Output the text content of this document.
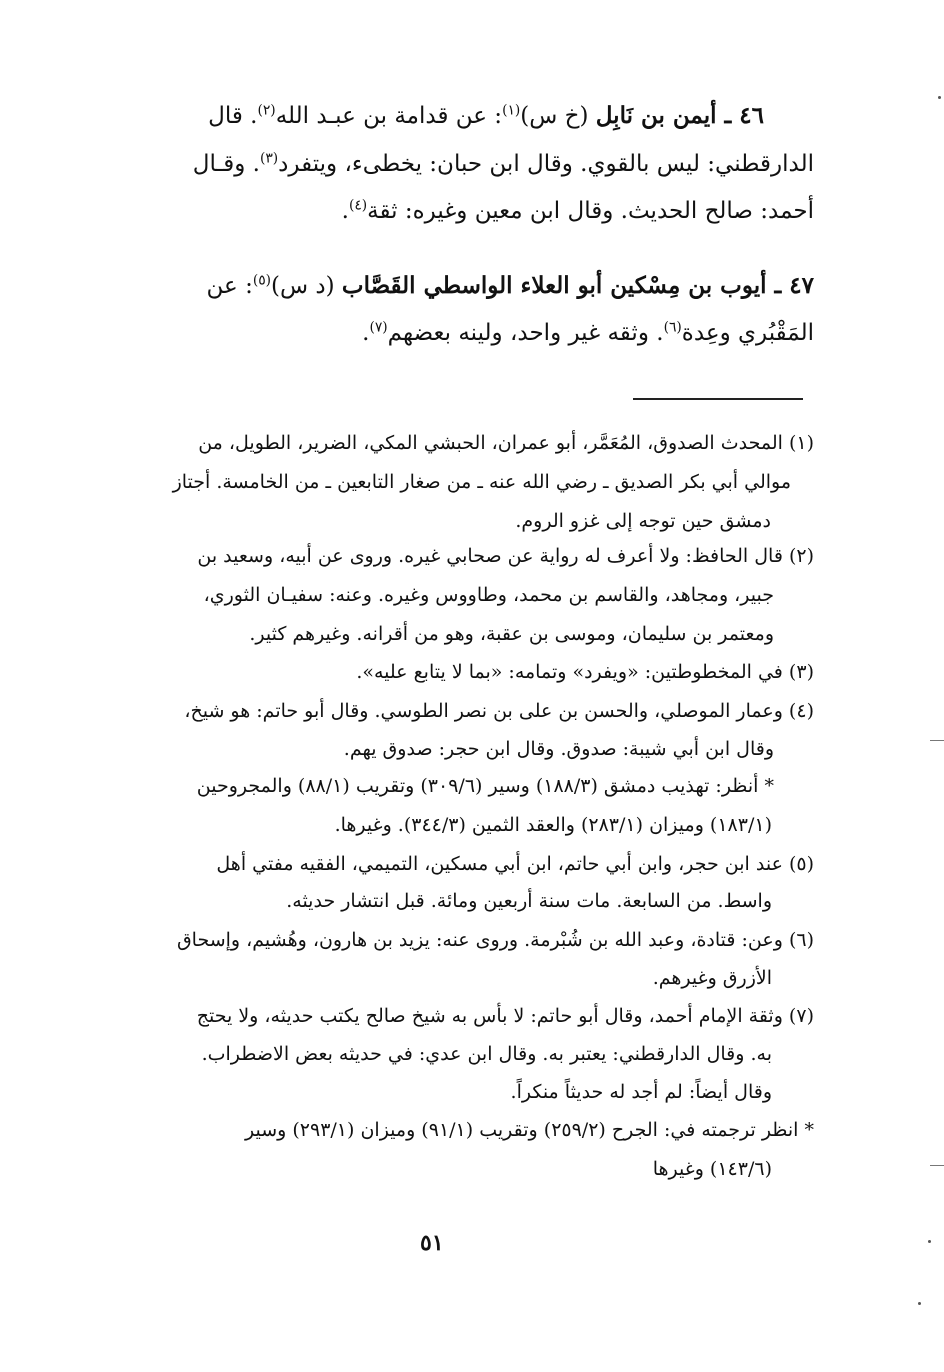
٤٦ ـ أيمن بن نَابِل (خ س)$^{(١)}$: عن قدامة بن عبـد الله$^{(٢)}$. قال
الدارقطني: ليس بالقوي. وقال ابن حبان: يخطىء، ويتفرد$^{(٣)}$. وقـال
أحمد: صالح الحديث. وقال ابن معين وغيره: ثقة$^{(٤)}$.
٤٧ ـ أيوب بن مِسْكين أبو العلاء الواسطي القَصَّاب (د س)$^{(٥)}$: عن
المَقْبُري وعِدة$^{(٦)}$. وثقه غير واحد، ولينه بعضهم$^{(٧)}$.
(١) المحدث الصدوق، المُعَمَّر، أبو عمران، الحبشي المكي، الضرير، الطويل، من
موالي أبي بكر الصديق ـ رضي الله عنه ـ من صغار التابعين ـ من الخامسة. أجتاز
دمشق حين توجه إلى غزو الروم.
(٢) قال الحافظ: ولا أعرف له رواية عن صحابي غيره. وروى عن أبيه، وسعيد بن
جبير، ومجاهد، والقاسم بن محمد، وطاووس وغيره. وعنه: سفيـان الثوري،
ومعتمر بن سليمان، وموسى بن عقبة، وهو من أقرانه. وغيرهم كثير.
(٣) في المخطوطتين: «ويفرد» وتمامه: «بما لا يتابع عليه».
(٤) وعمار الموصلي، والحسن بن على بن نصر الطوسي. وقال أبو حاتم: هو شيخ،
وقال ابن أبي شيبة: صدوق. وقال ابن حجر: صدوق يهم.
* أنظر: تهذيب دمشق (١٨٨/٣) وسير (٣٠٩/٦) وتقريب (٨٨/١) والمجروحين
(١٨٣/١) وميزان (٢٨٣/١) والعقد الثمين (٣٤٤/٣). وغيرها.
(٥) عند ابن حجر، وابن أبي حاتم، ابن أبي مسكين، التميمي، الفقيه مفتي أهل
واسط. من السابعة. مات سنة أربعين ومائة. قبل انتشار حديثه.
(٦) وعن: قتادة، وعبد الله بن شُبْرمة. وروى عنه: يزيد بن هارون، وهُشيم، وإسحاق
الأزرق وغيرهم.
(٧) وثقة الإمام أحمد، وقال أبو حاتم: لا بأس به شيخ صالح يكتب حديثه، ولا يحتج
به. وقال الدارقطني: يعتبر به. وقال ابن عدي: في حديثه بعض الاضطراب.
وقال أيضاً: لم أجد له حديثاً منكراً.
* انظر ترجمته في: الجرح (٢٥٩/٢) وتقريب (٩١/١) وميزان (٢٩٣/١) وسير
(١٤٣/٦) وغيرها
٥١
